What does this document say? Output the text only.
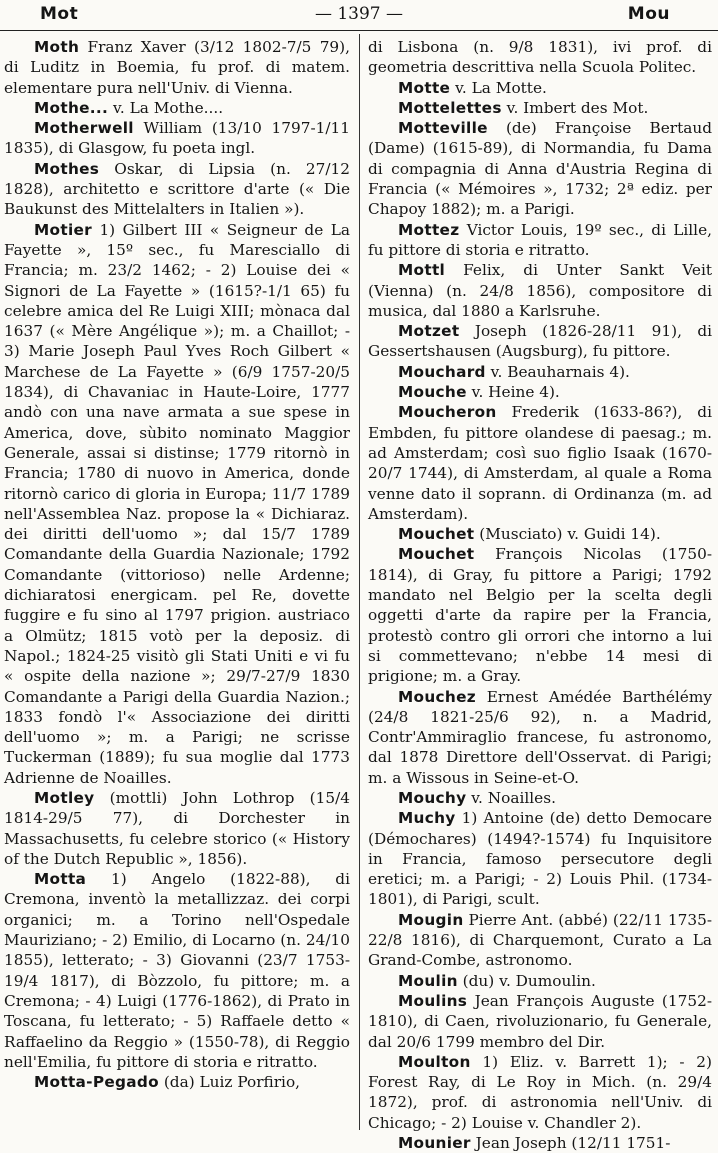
Mot	— 1397 —	Mou

Moth Franz Xaver (3/12 1802-7/5 79), di Luditz in Boemia, fu prof. di matem. elementare pura nell'Univ. di Vienna.

Mothe... v. La Mothe....

Motherwell William (13/10 1797-1/11 1835), di Glasgow, fu poeta ingl.

Mothes Oskar, di Lipsia (n. 27/12 1828), architetto e scrittore d'arte (« Die Baukunst des Mittelalters in Italien »).

Motier 1) Gilbert III « Seigneur de La Fayette », 15º sec., fu Maresciallo di Francia; m. 23/2 1462; - 2) Louise dei « Signori de La Fayette » (1615?-1/1 65) fu celebre amica del Re Luigi XIII; mònaca dal 1637 (« Mère Angélique »); m. a Chaillot; - 3) Marie Joseph Paul Yves Roch Gilbert « Marchese de La Fayette » (6/9 1757-20/5 1834), di Chavaniac in Haute-Loire, 1777 andò con una nave armata a sue spese in America, dove, sùbito nominato Maggior Generale, assai si distinse; 1779 ritornò in Francia; 1780 di nuovo in America, donde ritornò carico di gloria in Europa; 11/7 1789 nell'Assemblea Naz. propose la « Dichiaraz. dei diritti dell'uomo »; dal 15/7 1789 Comandante della Guardia Nazionale; 1792 Comandante (vittorioso) nelle Ardenne; dichiaratosi energicam. pel Re, dovette fuggire e fu sino al 1797 prigion. austriaco a Olmütz; 1815 votò per la deposiz. di Napol.; 1824-25 visitò gli Stati Uniti e vi fu « ospite della nazione »; 29/7-27/9 1830 Comandante a Parigi della Guardia Nazion.; 1833 fondò l'« Associazione dei diritti dell'uomo »; m. a Parigi; ne scrisse Tuckerman (1889); fu sua moglie dal 1773 Adrienne de Noailles.

Motley (mottli) John Lothrop (15/4 1814-29/5 77), di Dorchester in Massachusetts, fu celebre storico (« History of the Dutch Republic », 1856).

Motta 1) Angelo (1822-88), di Cremona, inventò la metallizzaz. dei corpi organici; m. a Torino nell'Ospedale Mauriziano; - 2) Emilio, di Locarno (n. 24/10 1855), letterato; - 3) Giovanni (23/7 1753-19/4 1817), di Bòzzolo, fu pittore; m. a Cremona; - 4) Luigi (1776-1862), di Prato in Toscana, fu letterato; - 5) Raffaele detto « Raffaelino da Reggio » (1550-78), di Reggio nell'Emilia, fu pittore di storia e ritratto.

Motta-Pegado (da) Luiz Porfirio,

di Lisbona (n. 9/8 1831), ivi prof. di geometria descrittiva nella Scuola Politec.

Motte v. La Motte.

Mottelettes v. Imbert des Mot.

Motteville (de) Françoise Bertaud (Dame) (1615-89), di Normandia, fu Dama di compagnia di Anna d'Austria Regina di Francia (« Mémoires », 1732; 2ª ediz. per Chapoy 1882); m. a Parigi.

Mottez Victor Louis, 19º sec., di Lille, fu pittore di storia e ritratto.

Mottl Felix, di Unter Sankt Veit (Vienna) (n. 24/8 1856), compositore di musica, dal 1880 a Karlsruhe.

Motzet Joseph (1826-28/11 91), di Gessertshausen (Augsburg), fu pittore.

Mouchard v. Beauharnais 4).

Mouche v. Heine 4).

Moucheron Frederik (1633-86?), di Embden, fu pittore olandese di paesag.; m. ad Amsterdam; così suo figlio Isaak (1670-20/7 1744), di Amsterdam, al quale a Roma venne dato il soprann. di Ordinanza (m. ad Amsterdam).

Mouchet (Musciato) v. Guidi 14).

Mouchet François Nicolas (1750-1814), di Gray, fu pittore a Parigi; 1792 mandato nel Belgio per la scelta degli oggetti d'arte da rapire per la Francia, protestò contro gli orrori che intorno a lui si commettevano; n'ebbe 14 mesi di prigione; m. a Gray.

Mouchez Ernest Amédée Barthélémy (24/8 1821-25/6 92), n. a Madrid, Contr'Ammiraglio francese, fu astronomo, dal 1878 Direttore dell'Osservat. di Parigi; m. a Wissous in Seine-et-O.

Mouchy v. Noailles.

Muchy 1) Antoine (de) detto Democare (Démochares) (1494?-1574) fu Inquisitore in Francia, famoso persecutore degli eretici; m. a Parigi; - 2) Louis Phil. (1734-1801), di Parigi, scult.

Mougin Pierre Ant. (abbé) (22/11 1735-22/8 1816), di Charquemont, Curato a La Grand-Combe, astronomo.

Moulin (du) v. Dumoulin.

Moulins Jean François Auguste (1752-1810), di Caen, rivoluzionario, fu Generale, dal 20/6 1799 membro del Dir.

Moulton 1) Eliz. v. Barrett 1); - 2) Forest Ray, di Le Roy in Mich. (n. 29/4 1872), prof. di astronomia nell'Univ. di Chicago; - 2) Louise v. Chandler 2).

Mounier Jean Joseph (12/11 1751-
